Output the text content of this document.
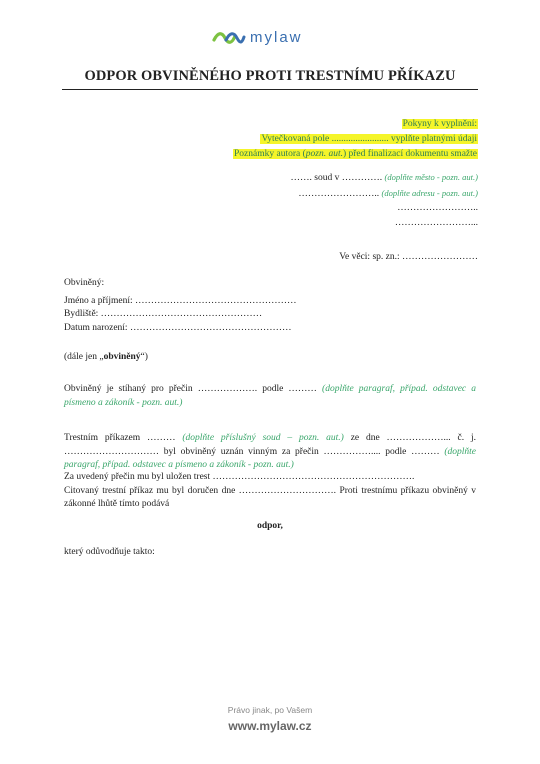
mylaw
ODPOR OBVINĚNÉHO PROTI TRESTNÍMU PŘÍKAZU
Pokyny k vyplnění:
Vytečkovaná pole ........................ vyplňte platnými údaji
Poznámky autora (pozn. aut.) před finalizací dokumentu smažte
……. soud v …………. (doplňte město - pozn. aut.)
…………………….. (doplňte adresu - pozn. aut.)
……………………..
……………………...
Ve věci: sp. zn.: ……………………
Obviněný:
Jméno a příjmení: ……………………………………………
Bydliště: ……………………………………………
Datum narození: ……………………………………………
(dále jen „obviněný“)
Obviněný je stíhaný pro přečin ………………. podle ……… (doplňte paragraf, případ. odstavec a písmeno a zákoník - pozn. aut.)
Trestním příkazem ……… (doplňte příslušný soud – pozn. aut.) ze dne ………………... č. j. ………………………… byl obviněný uznán vinným za přečin …………….... podle ……… (doplňte paragraf, případ. odstavec a písmeno a zákoník - pozn. aut.)
Za uvedený přečin mu byl uložen trest ……………………………………………………….
Citovaný trestní příkaz mu byl doručen dne …………………………. Proti trestnímu příkazu obviněný v zákonné lhůtě tímto podává
odpor,
který odůvodňuje takto:
Právo jinak, po Vašem
www.mylaw.cz
